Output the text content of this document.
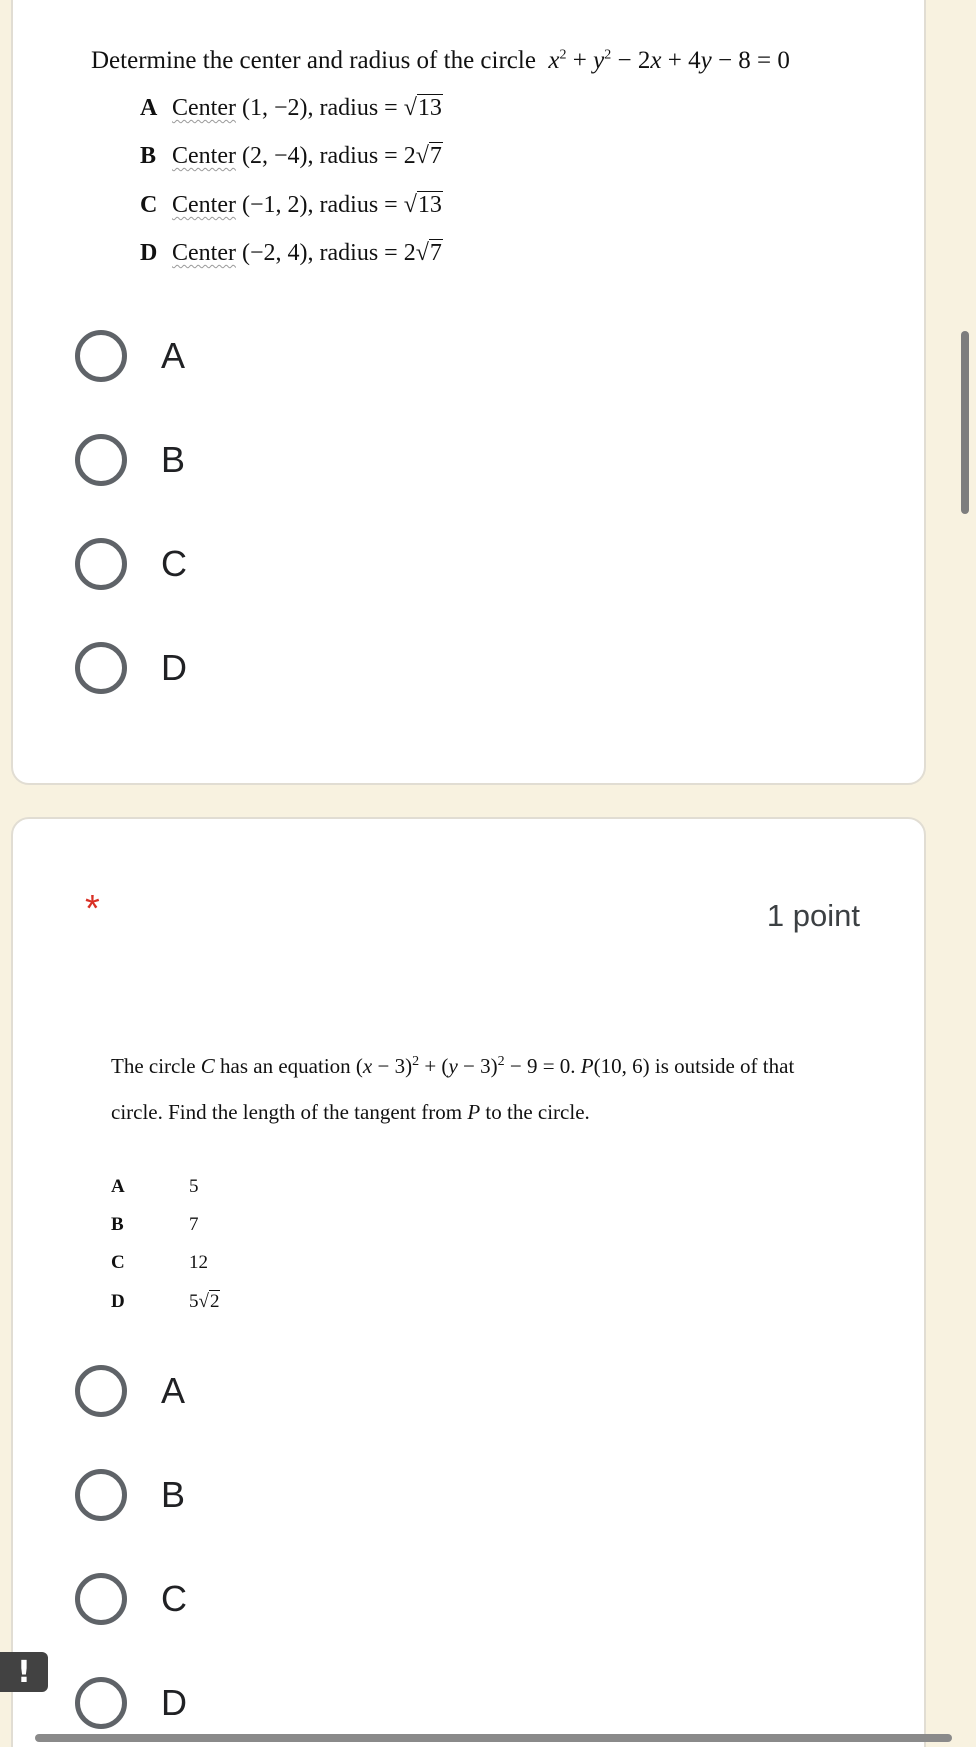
Determine the center and radius of the circle $x^2 + y^2 - 2x + 4y - 8 = 0$
A Center (1, −2), radius = √13
B Center (2, −4), radius = 2√7
C Center (−1, 2), radius = √13
D Center (−2, 4), radius = 2√7
A
B
C
D
*	1 point
The circle C has an equation $(x - 3)^2 + (y - 3)^2 - 9 = 0$. P(10, 6) is outside of that
circle. Find the length of the tangent from P to the circle.
A	5
B	7
C	12
D	5√2
A
B
C
D
!
